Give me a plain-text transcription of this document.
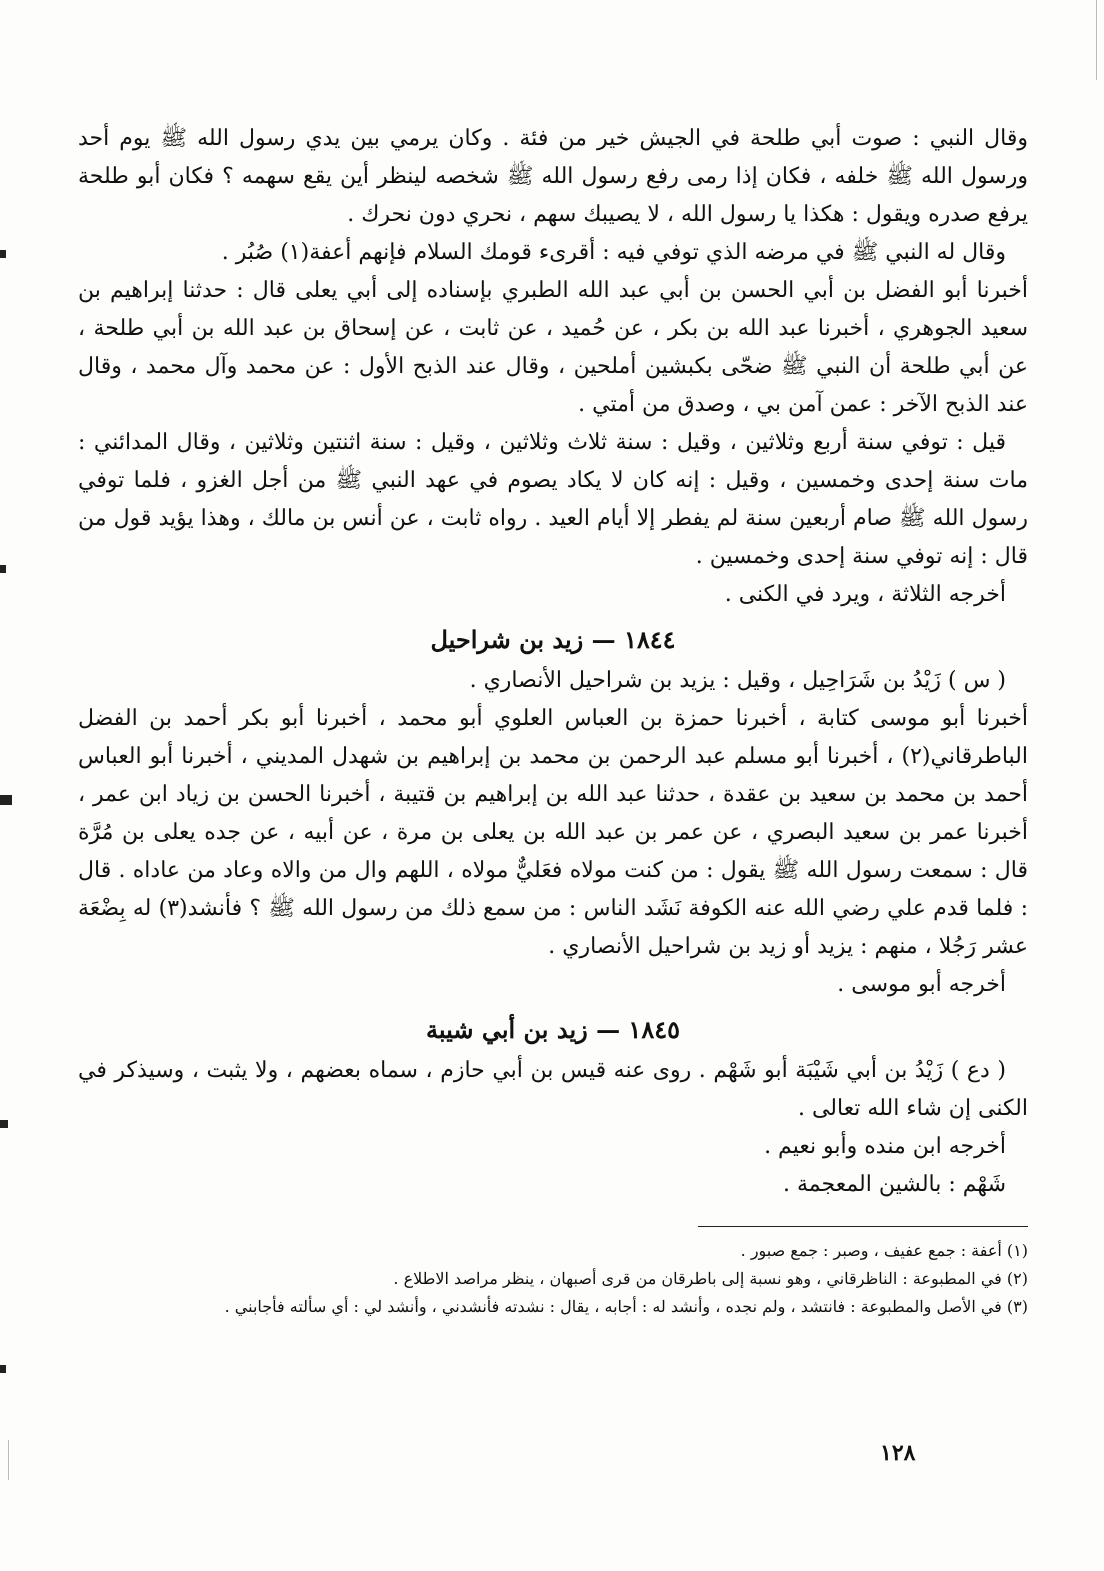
وقال النبي : صوت أبي طلحة في الجيش خير من فئة . وكان يرمي بين يدي رسول الله ﷺ يوم أحد ورسول الله ﷺ خلفه ، فكان إذا رمى رفع رسول الله ﷺ شخصه لينظر أين يقع سهمه ؟ فكان أبو طلحة يرفع صدره ويقول : هكذا يا رسول الله ، لا يصيبك سهم ، نحري دون نحرك .

وقال له النبي ﷺ في مرضه الذي توفي فيه : أقرىء قومك السلام فإنهم أعفة(١) صُبُر .

أخبرنا أبو الفضل بن أبي الحسن بن أبي عبد الله الطبري بإسناده إلى أبي يعلى قال : حدثنا إبراهيم بن سعيد الجوهري ، أخبرنا عبد الله بن بكر ، عن حُميد ، عن ثابت ، عن إسحاق بن عبد الله بن أبي طلحة ، عن أبي طلحة أن النبي ﷺ ضحّى بكبشين أملحين ، وقال عند الذبح الأول : عن محمد وآل محمد ، وقال عند الذبح الآخر : عمن آمن بي ، وصدق من أمتي .

قيل : توفي سنة أربع وثلاثين ، وقيل : سنة ثلاث وثلاثين ، وقيل : سنة اثنتين وثلاثين ، وقال المدائني : مات سنة إحدى وخمسين ، وقيل : إنه كان لا يكاد يصوم في عهد النبي ﷺ من أجل الغزو ، فلما توفي رسول الله ﷺ صام أربعين سنة لم يفطر إلا أيام العيد . رواه ثابت ، عن أنس بن مالك ، وهذا يؤيد قول من قال : إنه توفي سنة إحدى وخمسين .

أخرجه الثلاثة ، ويرد في الكنى .

١٨٤٤ — زيد بن شراحيل

( س ) زَيْدُ بن شَرَاحِيل ، وقيل : يزيد بن شراحيل الأنصاري .

أخبرنا أبو موسى كتابة ، أخبرنا حمزة بن العباس العلوي أبو محمد ، أخبرنا أبو بكر أحمد بن الفضل الباطرقاني(٢) ، أخبرنا أبو مسلم عبد الرحمن بن محمد بن إبراهيم بن شهدل المديني ، أخبرنا أبو العباس أحمد بن محمد بن سعيد بن عقدة ، حدثنا عبد الله بن إبراهيم بن قتيبة ، أخبرنا الحسن بن زياد ابن عمر ، أخبرنا عمر بن سعيد البصري ، عن عمر بن عبد الله بن يعلى بن مرة ، عن أبيه ، عن جده يعلى بن مُرَّة قال : سمعت رسول الله ﷺ يقول : من كنت مولاه فعَليٌّ مولاه ، اللهم وال من والاه وعاد من عاداه . قال : فلما قدم علي رضي الله عنه الكوفة نَشَد الناس : من سمع ذلك من رسول الله ﷺ ؟ فأنشد(٣) له بِضْعَة عشر رَجُلا ، منهم : يزيد أو زيد بن شراحيل الأنصاري .

أخرجه أبو موسى .

١٨٤٥ — زيد بن أبي شيبة

( دع ) زَيْدُ بن أبي شَيْبَة أبو شَهْم . روى عنه قيس بن أبي حازم ، سماه بعضهم ، ولا يثبت ، وسيذكر في الكنى إن شاء الله تعالى .

أخرجه ابن منده وأبو نعيم .

شَهْم : بالشين المعجمة .

(١) أعفة : جمع عفيف ، وصبر : جمع صبور .

(٢) في المطبوعة : الناظرقاني ، وهو نسبة إلى باطرقان من قرى أصبهان ، ينظر مراصد الاطلاع .

(٣) في الأصل والمطبوعة : فانتشد ، ولم نجده ، وأنشد له : أجابه ، يقال : نشدته فأنشدني ، وأنشد لي : أي سألته فأجابني .

١٢٨
